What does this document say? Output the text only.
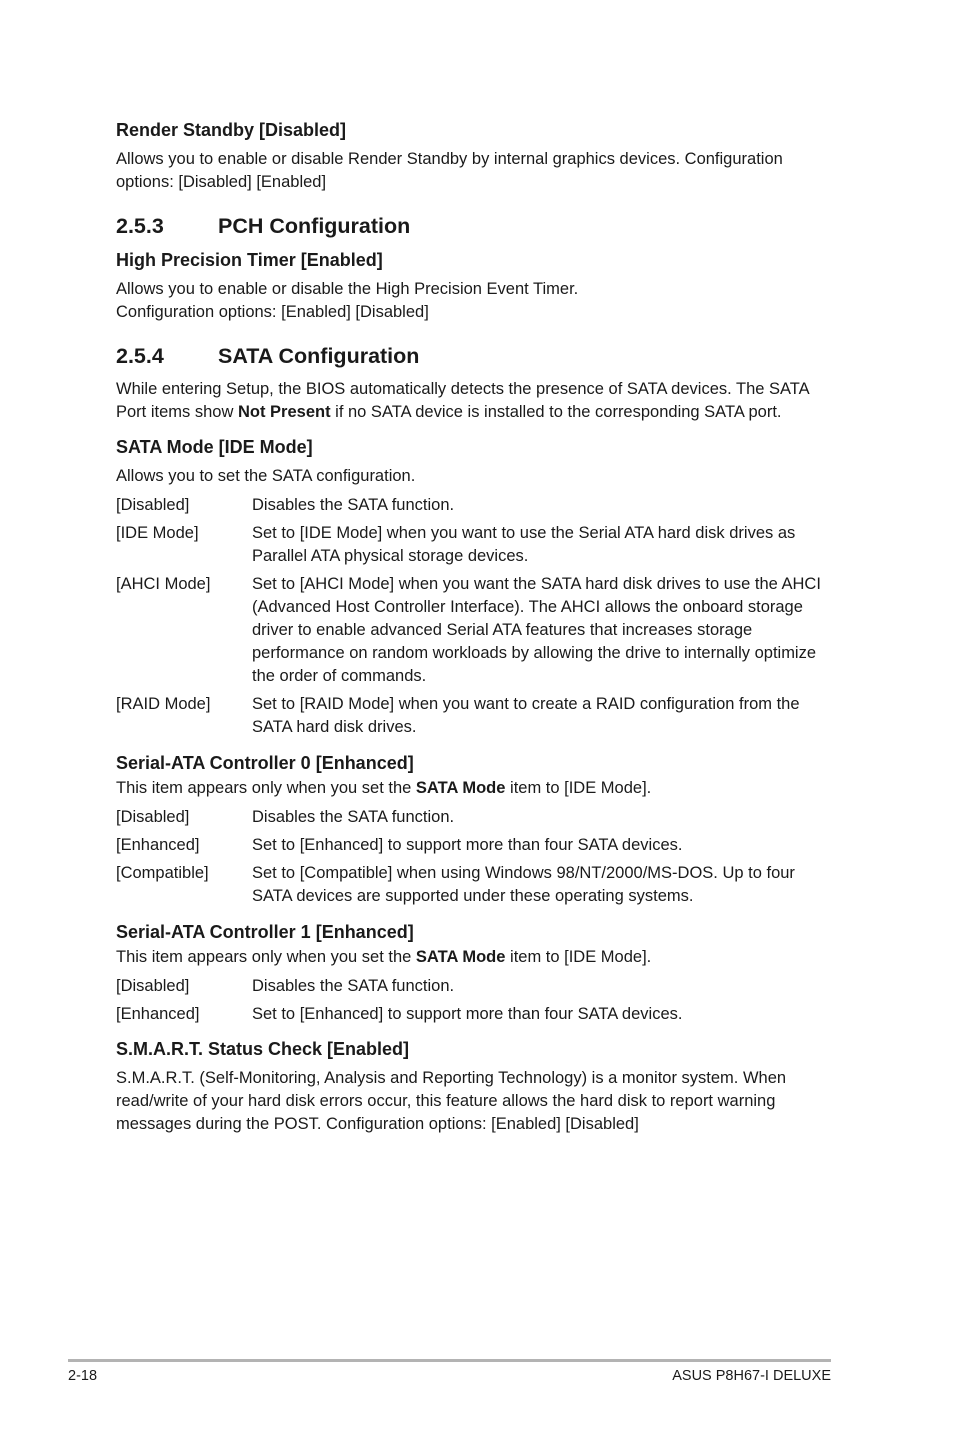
Render Standby [Disabled]

Allows you to enable or disable Render Standby by internal graphics devices. Configuration options: [Disabled] [Enabled]

2.5.3	PCH Configuration
High Precision Timer [Enabled]

Allows you to enable or disable the High Precision Event Timer.

Configuration options: [Enabled] [Disabled]

2.5.4	SATA Configuration

While entering Setup, the BIOS automatically detects the presence of SATA devices. The SATA Port items show Not Present if no SATA device is installed to the corresponding SATA port.

SATA Mode [IDE Mode]

Allows you to set the SATA configuration.

[Disabled]	Disables the SATA function.
[IDE Mode]	Set to [IDE Mode] when you want to use the Serial ATA hard disk drives as Parallel ATA physical storage devices.
[AHCI Mode]	Set to [AHCI Mode] when you want the SATA hard disk drives to use the AHCI (Advanced Host Controller Interface). The AHCI allows the onboard storage driver to enable advanced Serial ATA features that increases storage performance on random workloads by allowing the drive to internally optimize the order of commands.
[RAID Mode]	Set to [RAID Mode] when you want to create a RAID configuration from the SATA hard disk drives.
Serial-ATA Controller 0 [Enhanced]

This item appears only when you set the SATA Mode item to [IDE Mode].

[Disabled]	Disables the SATA function.
[Enhanced]	Set to [Enhanced] to support more than four SATA devices.
[Compatible]	Set to [Compatible] when using Windows 98/NT/2000/MS-DOS. Up to four SATA devices are supported under these operating systems.
Serial-ATA Controller 1 [Enhanced]

This item appears only when you set the SATA Mode item to [IDE Mode].

[Disabled]	Disables the SATA function.
[Enhanced]	Set to [Enhanced] to support more than four SATA devices.
S.M.A.R.T. Status Check [Enabled]

S.M.A.R.T. (Self-Monitoring, Analysis and Reporting Technology) is a monitor system. When read/write of your hard disk errors occur, this feature allows the hard disk to report warning messages during the POST. Configuration options: [Enabled] [Disabled]

2-18	ASUS P8H67-I DELUXE
